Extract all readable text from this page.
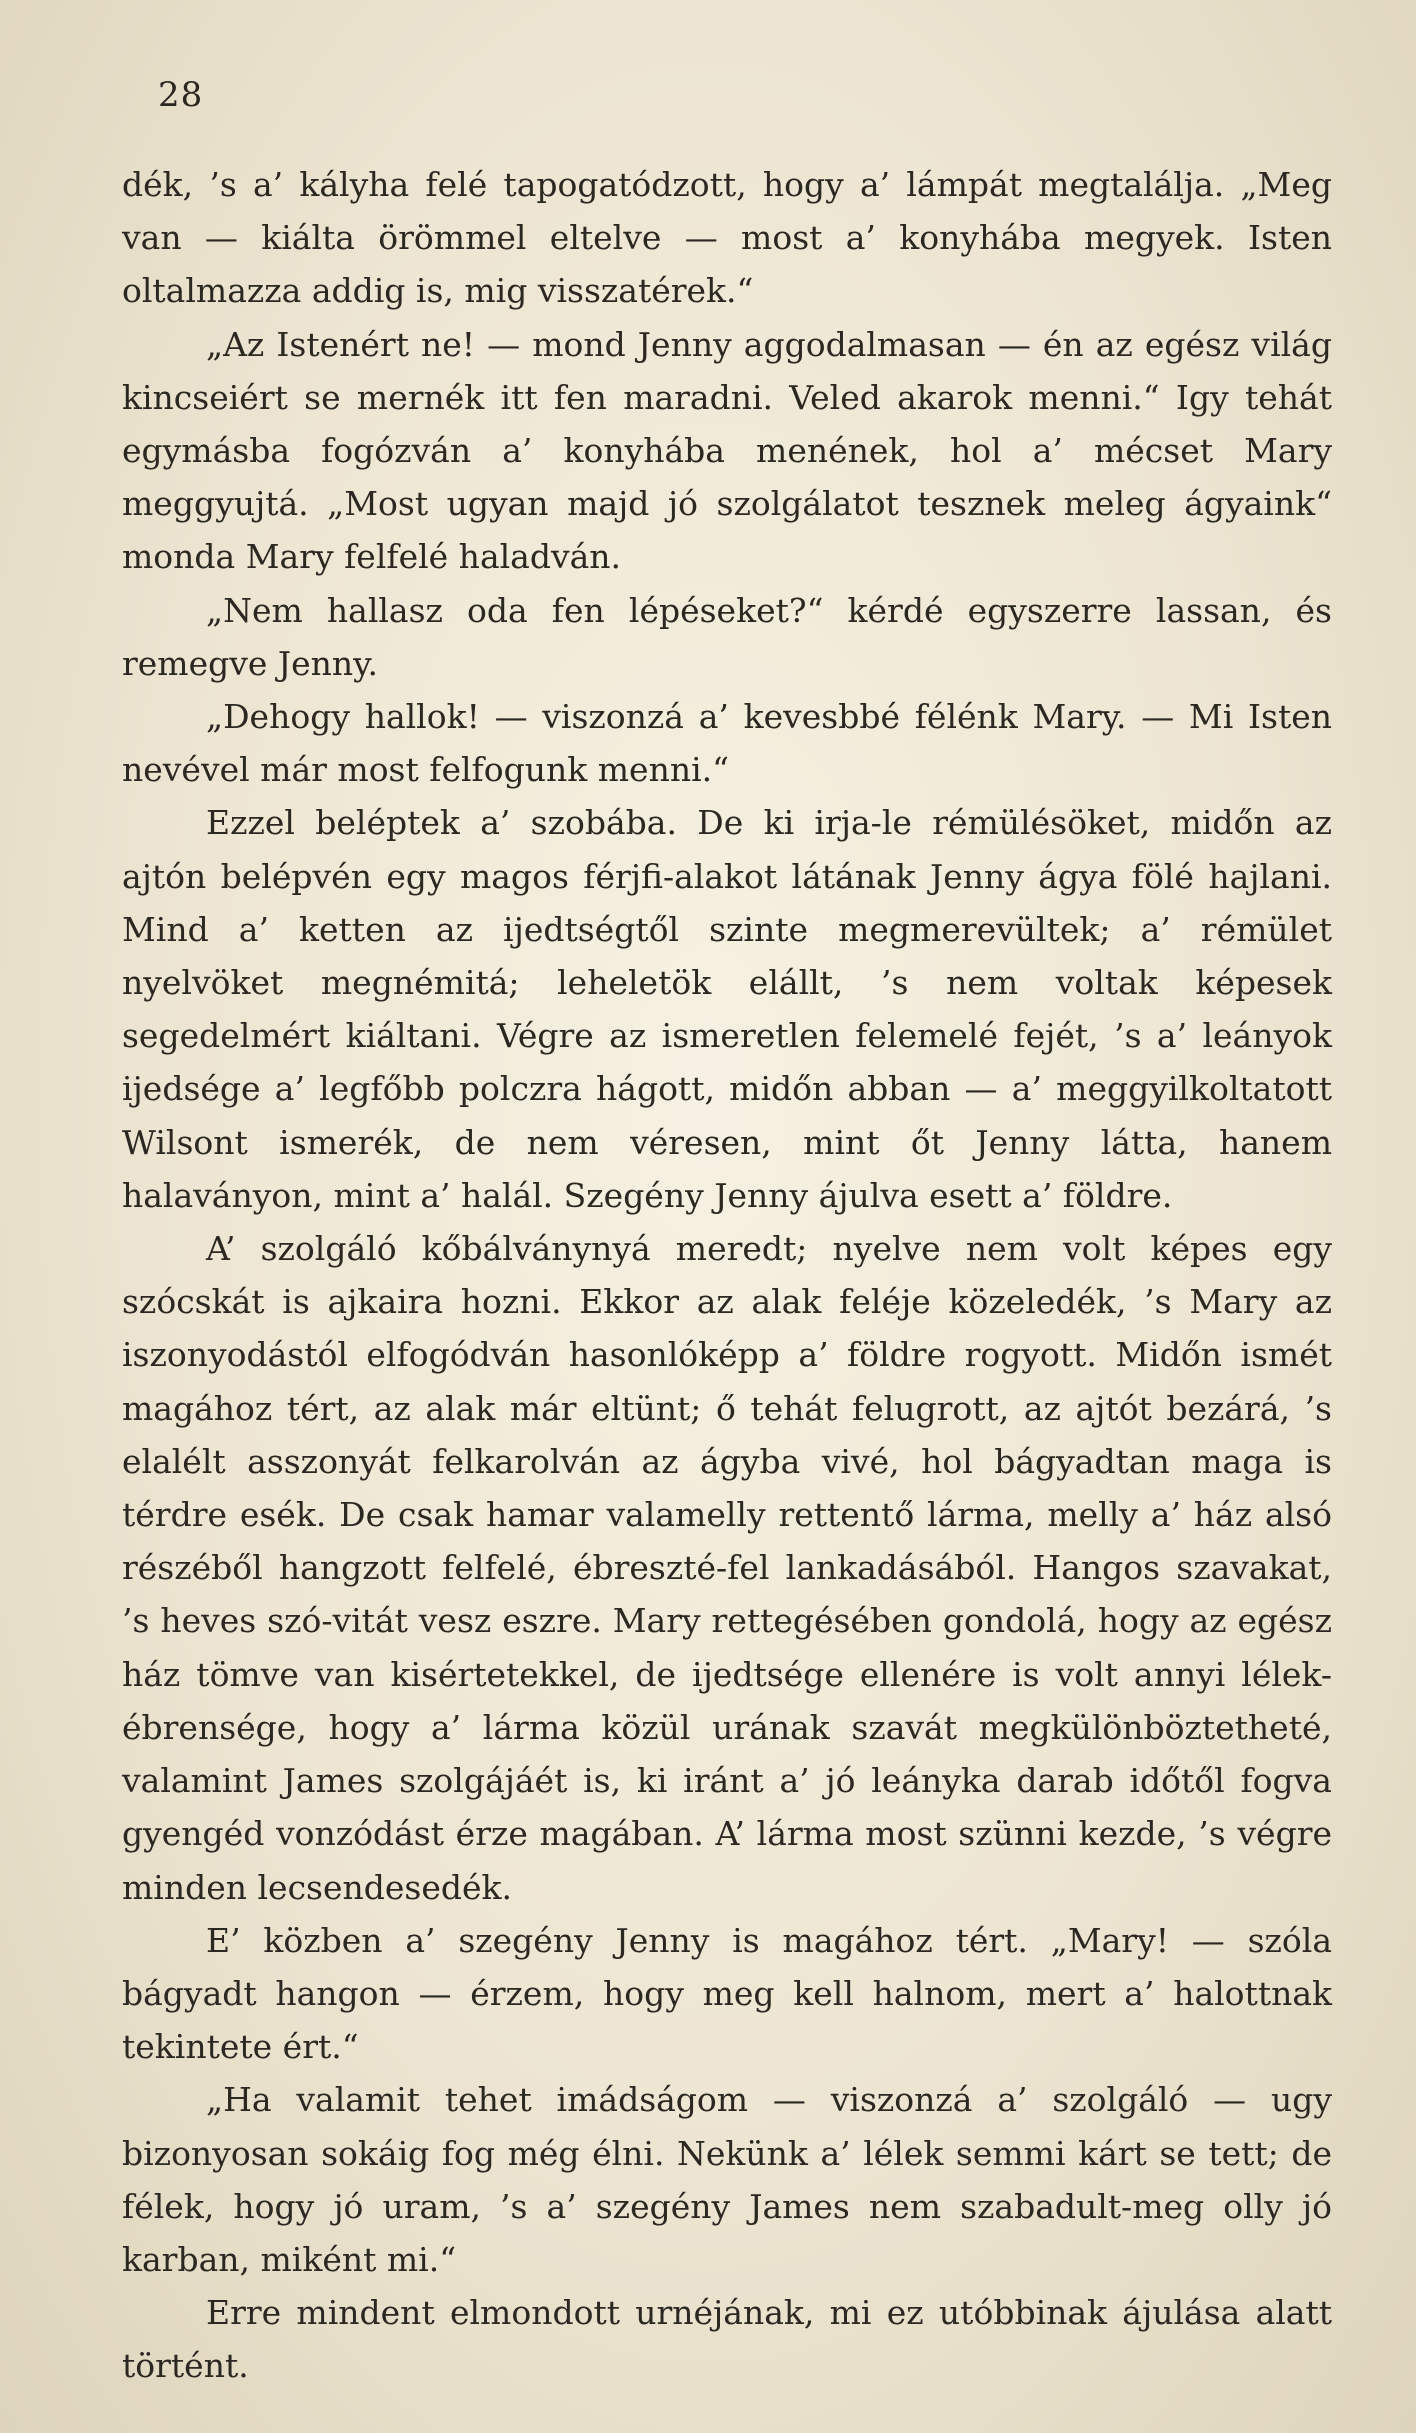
28

dék, ’s a’ kályha felé tapogatódzott, hogy a’ lámpát megtalálja. „Meg van — kiálta örömmel eltelve — most a’ konyhába megyek. Isten oltalmazza addig is, mig visszatérek.“

„Az Istenért ne! — mond Jenny aggodalmasan — én az egész világ kincseiért se mernék itt fen maradni. Veled akarok menni.“ Igy tehát egymásba fogózván a’ konyhába menének, hol a’ mécset Mary meggyujtá. „Most ugyan majd jó szolgálatot tesznek meleg ágyaink“ monda Mary felfelé haladván.

„Nem hallasz oda fen lépéseket?“ kérdé egyszerre lassan, és remegve Jenny.

„Dehogy hallok! — viszonzá a’ kevesbbé félénk Mary. — Mi Isten nevével már most felfogunk menni.“

Ezzel beléptek a’ szobába. De ki irja-le rémülésöket, midőn az ajtón belépvén egy magos férjfi-alakot látának Jenny ágya fölé hajlani. Mind a’ ketten az ijedtségtől szinte megmerevültek; a’ rémület nyelvöket megnémitá; leheletök elállt, ’s nem voltak képesek segedelmért kiáltani. Végre az ismeretlen felemelé fejét, ’s a’ leányok ijedsége a’ legfőbb polczra hágott, midőn abban — a’ meggyilkoltatott Wilsont ismerék, de nem véresen, mint őt Jenny látta, hanem halaványon, mint a’ halál. Szegény Jenny ájulva esett a’ földre.

A’ szolgáló kőbálványnyá meredt; nyelve nem volt képes egy szócskát is ajkaira hozni. Ekkor az alak feléje közeledék, ’s Mary az iszonyodástól elfogódván hasonlóképp a’ földre rogyott. Midőn ismét magához tért, az alak már eltünt; ő tehát felugrott, az ajtót bezárá, ’s elalélt asszonyát felkarolván az ágyba vivé, hol bágyadtan maga is térdre esék. De csak hamar valamelly rettentő lárma, melly a’ ház alsó részéből hangzott felfelé, ébreszté-fel lankadásából. Hangos szavakat, ’s heves szó-vitát vesz eszre. Mary rettegésében gondolá, hogy az egész ház tömve van kisértetekkel, de ijedtsége ellenére is volt annyi lélek-ébrensége, hogy a’ lárma közül urának szavát megkülönböztetheté, valamint James szolgájáét is, ki iránt a’ jó leányka darab időtől fogva gyengéd vonzódást érze magában. A’ lárma most szünni kezde, ’s végre minden lecsendesedék.

E’ közben a’ szegény Jenny is magához tért. „Mary! — szóla bágyadt hangon — érzem, hogy meg kell halnom, mert a’ halottnak tekintete ért.“

„Ha valamit tehet imádságom — viszonzá a’ szolgáló — ugy bizonyosan sokáig fog még élni. Nekünk a’ lélek semmi kárt se tett; de félek, hogy jó uram, ’s a’ szegény James nem szabadult-meg olly jó karban, miként mi.“

Erre mindent elmondott urnéjának, mi ez utóbbinak ájulása alatt történt.
